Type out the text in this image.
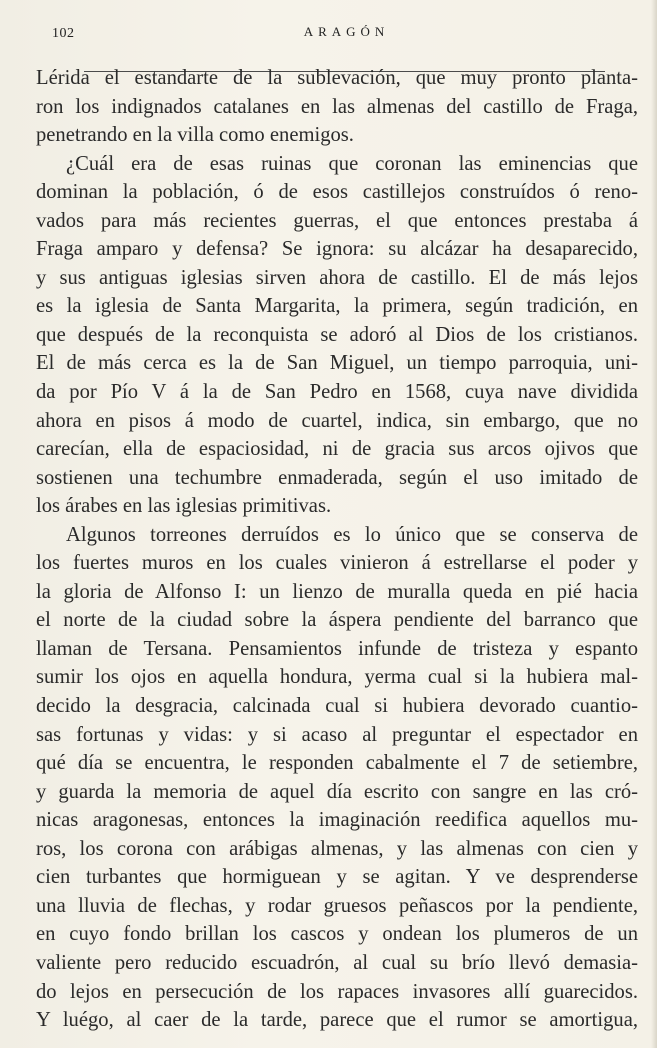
102	ARAGÓN
Lérida el estandarte de la sublevación, que muy pronto planta-
ron los indignados catalanes en las almenas del castillo de Fraga,
penetrando en la villa como enemigos.
¿Cuál era de esas ruinas que coronan las eminencias que
dominan la población, ó de esos castillejos construídos ó reno-
vados para más recientes guerras, el que entonces prestaba á
Fraga amparo y defensa? Se ignora: su alcázar ha desaparecido,
y sus antiguas iglesias sirven ahora de castillo. El de más lejos
es la iglesia de Santa Margarita, la primera, según tradición, en
que después de la reconquista se adoró al Dios de los cristianos.
El de más cerca es la de San Miguel, un tiempo parroquia, uni-
da por Pío V á la de San Pedro en 1568, cuya nave dividida
ahora en pisos á modo de cuartel, indica, sin embargo, que no
carecían, ella de espaciosidad, ni de gracia sus arcos ojivos que
sostienen una techumbre enmaderada, según el uso imitado de
los árabes en las iglesias primitivas.
Algunos torreones derruídos es lo único que se conserva de
los fuertes muros en los cuales vinieron á estrellarse el poder y
la gloria de Alfonso I: un lienzo de muralla queda en pié hacia
el norte de la ciudad sobre la áspera pendiente del barranco que
llaman de Tersana. Pensamientos infunde de tristeza y espanto
sumir los ojos en aquella hondura, yerma cual si la hubiera mal-
decido la desgracia, calcinada cual si hubiera devorado cuantio-
sas fortunas y vidas: y si acaso al preguntar el espectador en
qué día se encuentra, le responden cabalmente el 7 de setiembre,
y guarda la memoria de aquel día escrito con sangre en las cró-
nicas aragonesas, entonces la imaginación reedifica aquellos mu-
ros, los corona con arábigas almenas, y las almenas con cien y
cien turbantes que hormiguean y se agitan. Y ve desprenderse
una lluvia de flechas, y rodar gruesos peñascos por la pendiente,
en cuyo fondo brillan los cascos y ondean los plumeros de un
valiente pero reducido escuadrón, al cual su brío llevó demasia-
do lejos en persecución de los rapaces invasores allí guarecidos.
Y luégo, al caer de la tarde, parece que el rumor se amortigua,
